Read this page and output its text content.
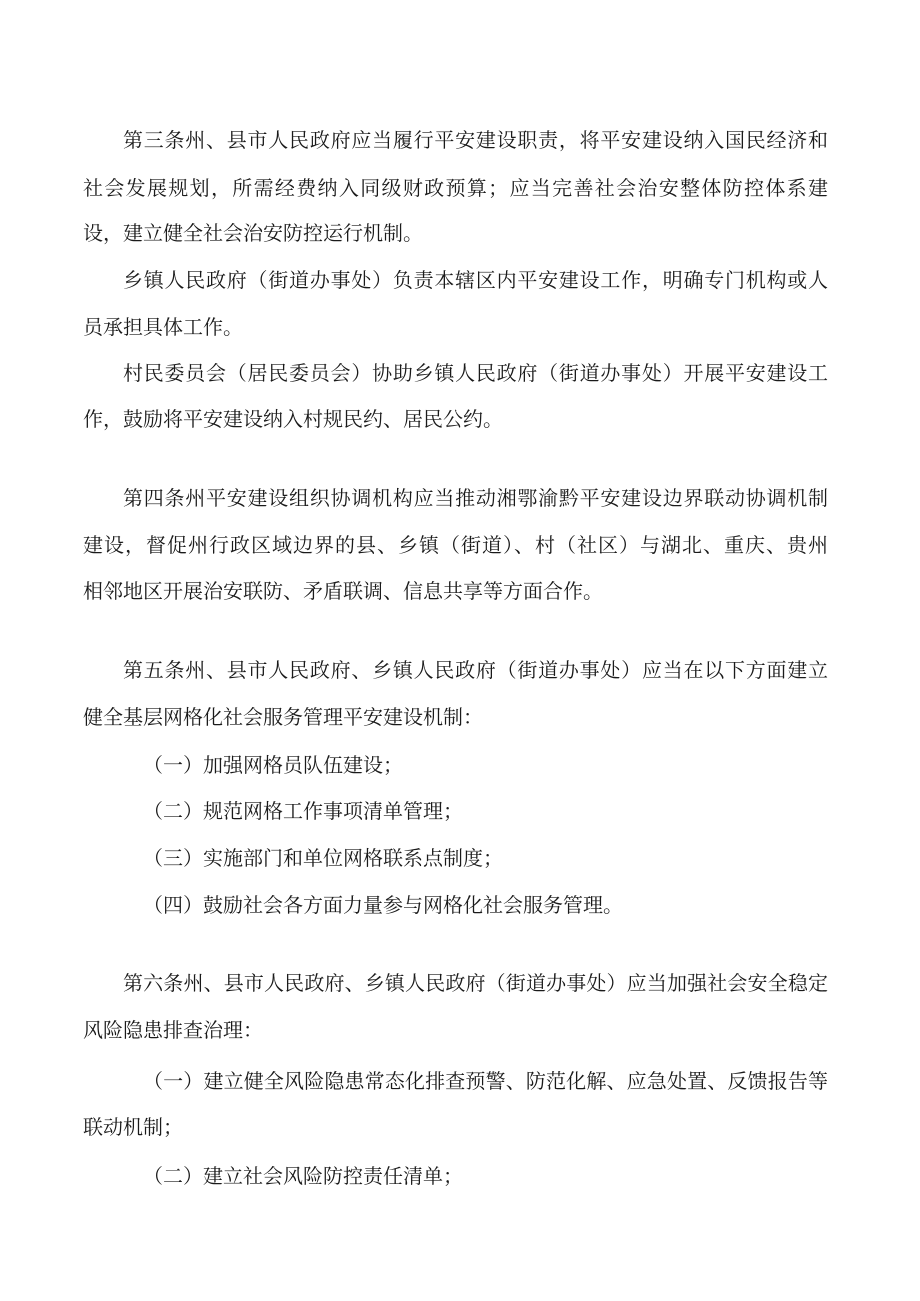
第三条州、县市人民政府应当履行平安建设职责，将平安建设纳入国民经济和
社会发展规划，所需经费纳入同级财政预算；应当完善社会治安整体防控体系建
设，建立健全社会治安防控运行机制。
乡镇人民政府（街道办事处）负责本辖区内平安建设工作，明确专门机构或人
员承担具体工作。
村民委员会（居民委员会）协助乡镇人民政府（街道办事处）开展平安建设工
作，鼓励将平安建设纳入村规民约、居民公约。
第四条州平安建设组织协调机构应当推动湘鄂渝黔平安建设边界联动协调机制
建设，督促州行政区域边界的县、乡镇（街道）、村（社区）与湖北、重庆、贵州
相邻地区开展治安联防、矛盾联调、信息共享等方面合作。
第五条州、县市人民政府、乡镇人民政府（街道办事处）应当在以下方面建立
健全基层网格化社会服务管理平安建设机制：
（一）加强网格员队伍建设；
（二）规范网格工作事项清单管理；
（三）实施部门和单位网格联系点制度；
（四）鼓励社会各方面力量参与网格化社会服务管理。
第六条州、县市人民政府、乡镇人民政府（街道办事处）应当加强社会安全稳定
风险隐患排查治理：
（一）建立健全风险隐患常态化排查预警、防范化解、应急处置、反馈报告等
联动机制；
（二）建立社会风险防控责任清单；
